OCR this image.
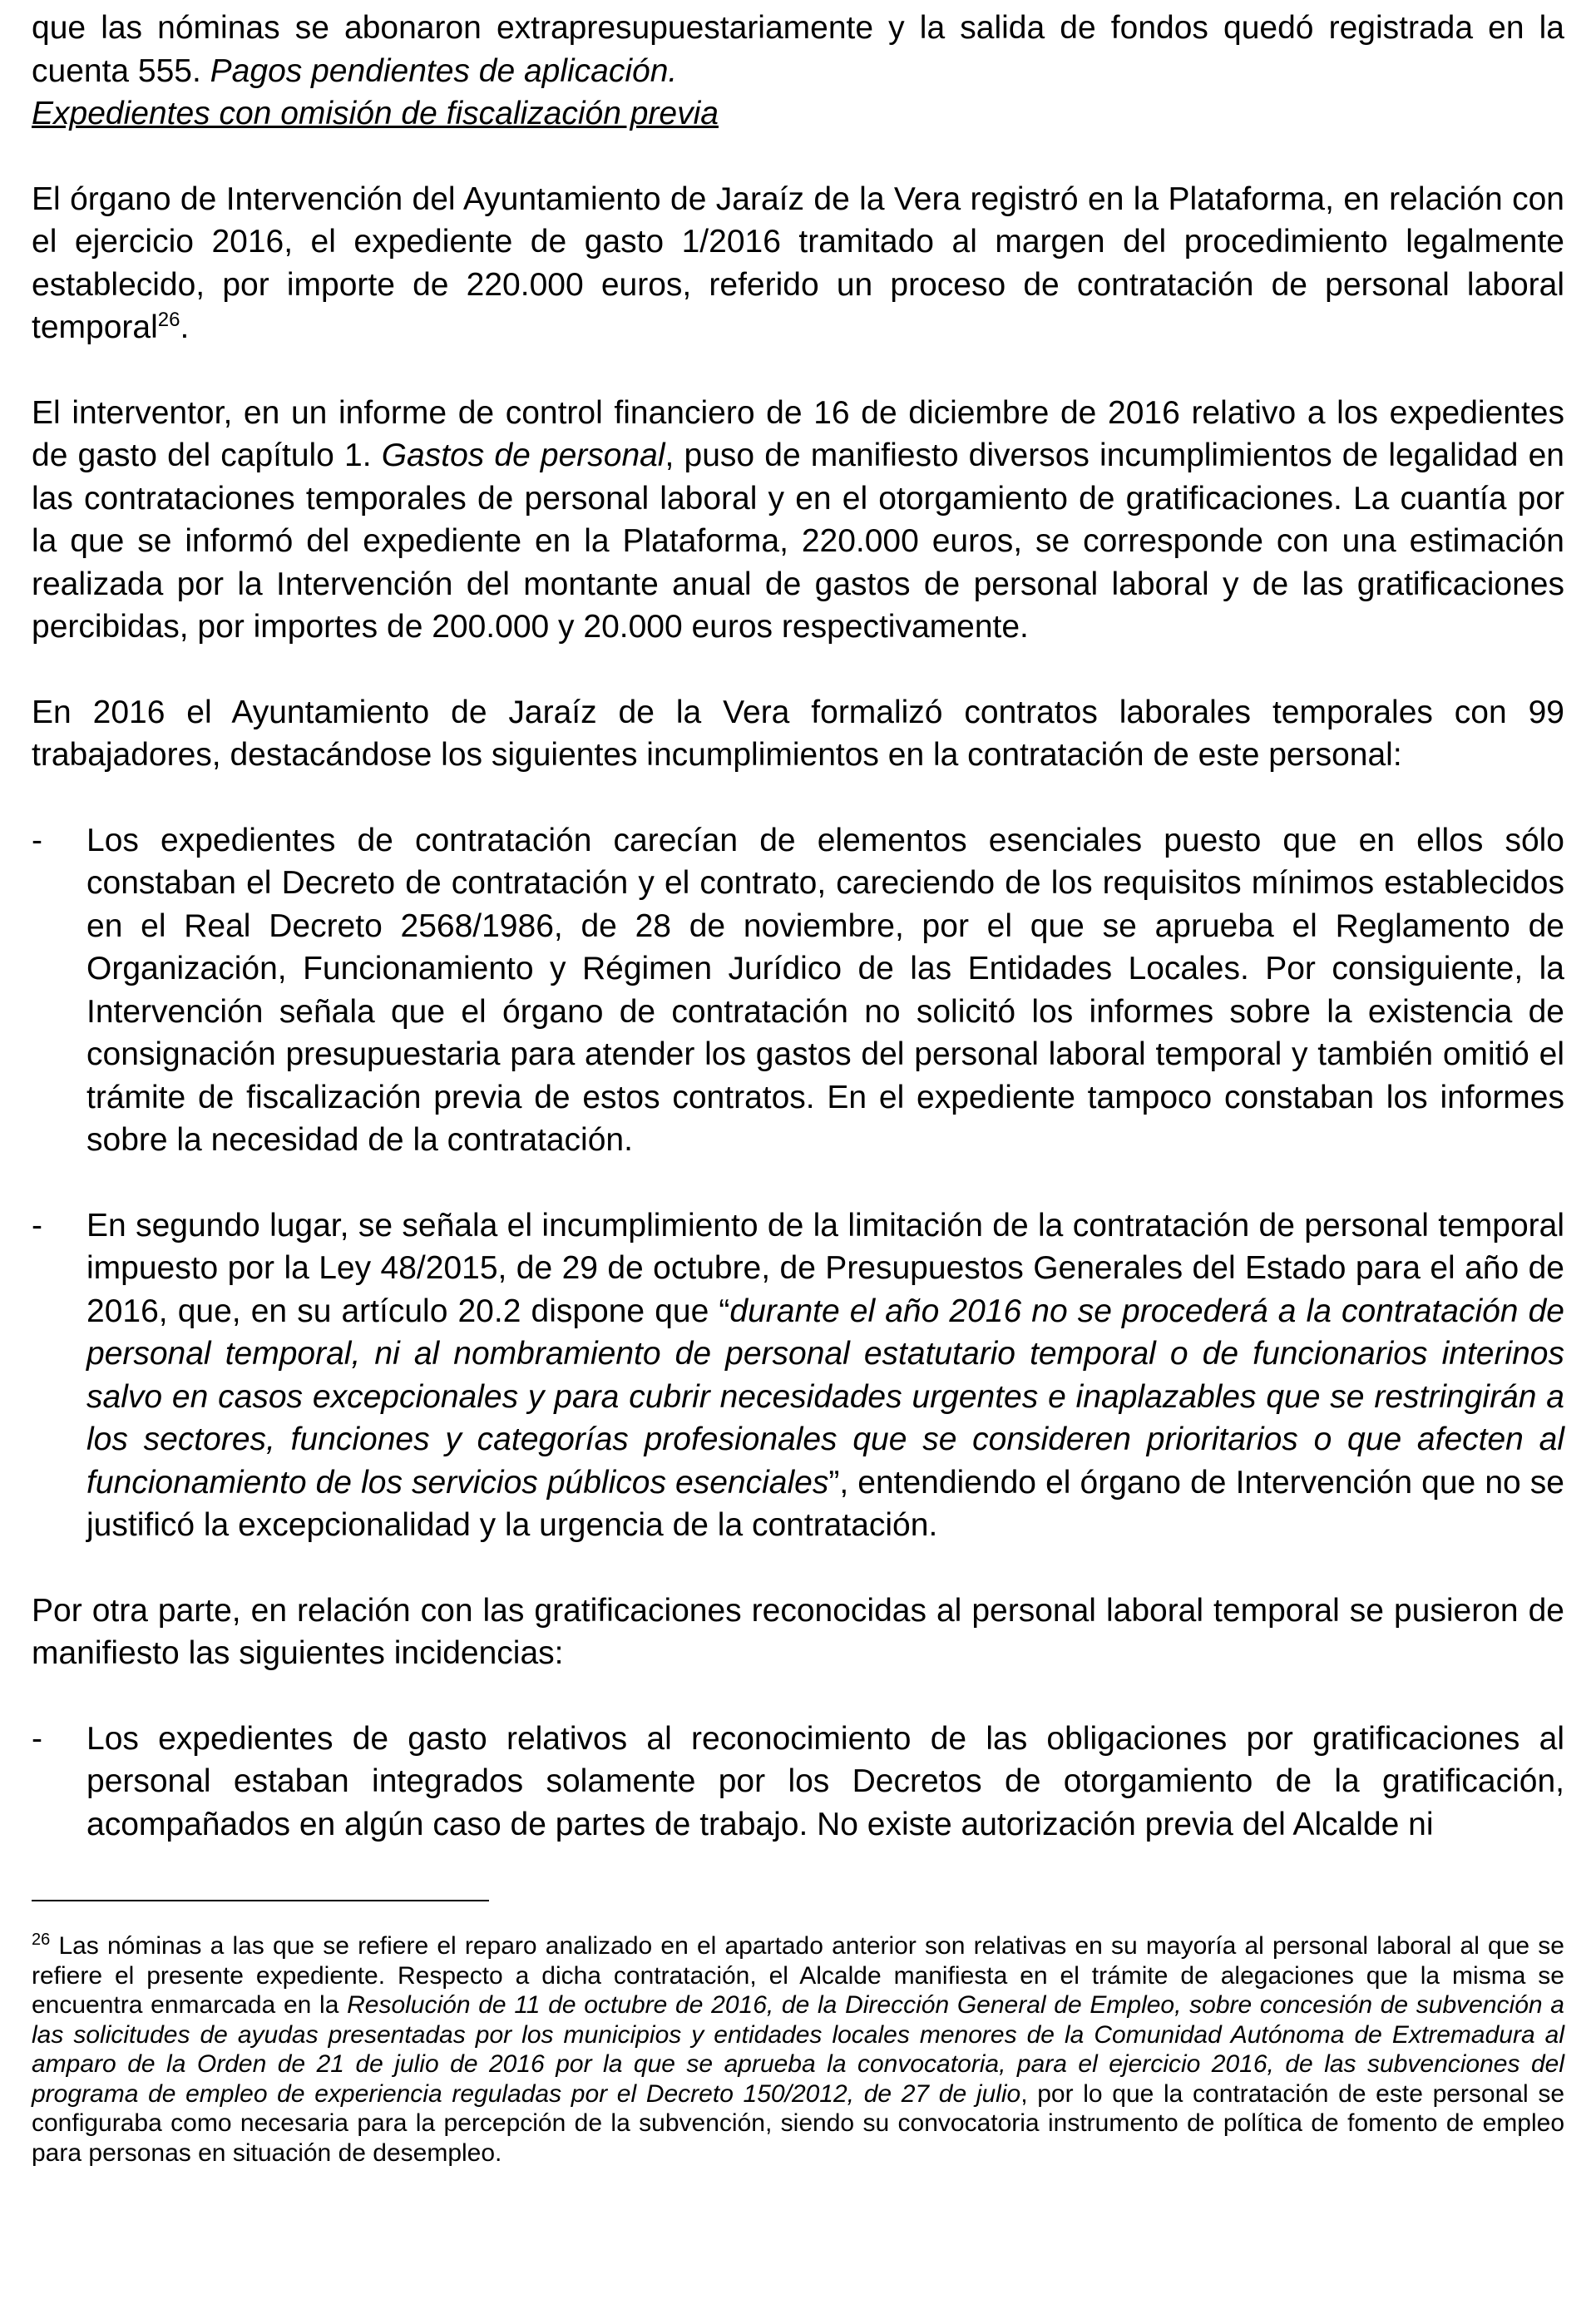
que las nóminas se abonaron extrapresupuestariamente y la salida de fondos quedó registrada en la cuenta 555. Pagos pendientes de aplicación.

Expedientes con omisión de fiscalización previa

El órgano de Intervención del Ayuntamiento de Jaraíz de la Vera registró en la Plataforma, en relación con el ejercicio 2016, el expediente de gasto 1/2016 tramitado al margen del procedimiento legalmente establecido, por importe de 220.000 euros, referido un proceso de contratación de personal laboral temporal$^{26}$.

El interventor, en un informe de control financiero de 16 de diciembre de 2016 relativo a los expedientes de gasto del capítulo 1. Gastos de personal, puso de manifiesto diversos incumplimientos de legalidad en las contrataciones temporales de personal laboral y en el otorgamiento de gratificaciones. La cuantía por la que se informó del expediente en la Plataforma, 220.000 euros, se corresponde con una estimación realizada por la Intervención del montante anual de gastos de personal laboral y de las gratificaciones percibidas, por importes de 200.000 y 20.000 euros respectivamente.

En 2016 el Ayuntamiento de Jaraíz de la Vera formalizó contratos laborales temporales con 99 trabajadores, destacándose los siguientes incumplimientos en la contratación de este personal:

-	Los expedientes de contratación carecían de elementos esenciales puesto que en ellos sólo constaban el Decreto de contratación y el contrato, careciendo de los requisitos mínimos establecidos en el Real Decreto 2568/1986, de 28 de noviembre, por el que se aprueba el Reglamento de Organización, Funcionamiento y Régimen Jurídico de las Entidades Locales. Por consiguiente, la Intervención señala que el órgano de contratación no solicitó los informes sobre la existencia de consignación presupuestaria para atender los gastos del personal laboral temporal y también omitió el trámite de fiscalización previa de estos contratos. En el expediente tampoco constaban los informes sobre la necesidad de la contratación.
-	En segundo lugar, se señala el incumplimiento de la limitación de la contratación de personal temporal impuesto por la Ley 48/2015, de 29 de octubre, de Presupuestos Generales del Estado para el año de 2016, que, en su artículo 20.2 dispone que “durante el año 2016 no se procederá a la contratación de personal temporal, ni al nombramiento de personal estatutario temporal o de funcionarios interinos salvo en casos excepcionales y para cubrir necesidades urgentes e inaplazables que se restringirán a los sectores, funciones y categorías profesionales que se consideren prioritarios o que afecten al funcionamiento de los servicios públicos esenciales”, entendiendo el órgano de Intervención que no se justificó la excepcionalidad y la urgencia de la contratación.

Por otra parte, en relación con las gratificaciones reconocidas al personal laboral temporal se pusieron de manifiesto las siguientes incidencias:

-	Los expedientes de gasto relativos al reconocimiento de las obligaciones por gratificaciones al personal estaban integrados solamente por los Decretos de otorgamiento de la gratificación, acompañados en algún caso de partes de trabajo. No existe autorización previa del Alcalde ni

$^{26}$ Las nóminas a las que se refiere el reparo analizado en el apartado anterior son relativas en su mayoría al personal laboral al que se refiere el presente expediente. Respecto a dicha contratación, el Alcalde manifiesta en el trámite de alegaciones que la misma se encuentra enmarcada en la Resolución de 11 de octubre de 2016, de la Dirección General de Empleo, sobre concesión de subvención a las solicitudes de ayudas presentadas por los municipios y entidades locales menores de la Comunidad Autónoma de Extremadura al amparo de la Orden de 21 de julio de 2016 por la que se aprueba la convocatoria, para el ejercicio 2016, de las subvenciones del programa de empleo de experiencia reguladas por el Decreto 150/2012, de 27 de julio, por lo que la contratación de este personal se configuraba como necesaria para la percepción de la subvención, siendo su convocatoria instrumento de política de fomento de empleo para personas en situación de desempleo.
